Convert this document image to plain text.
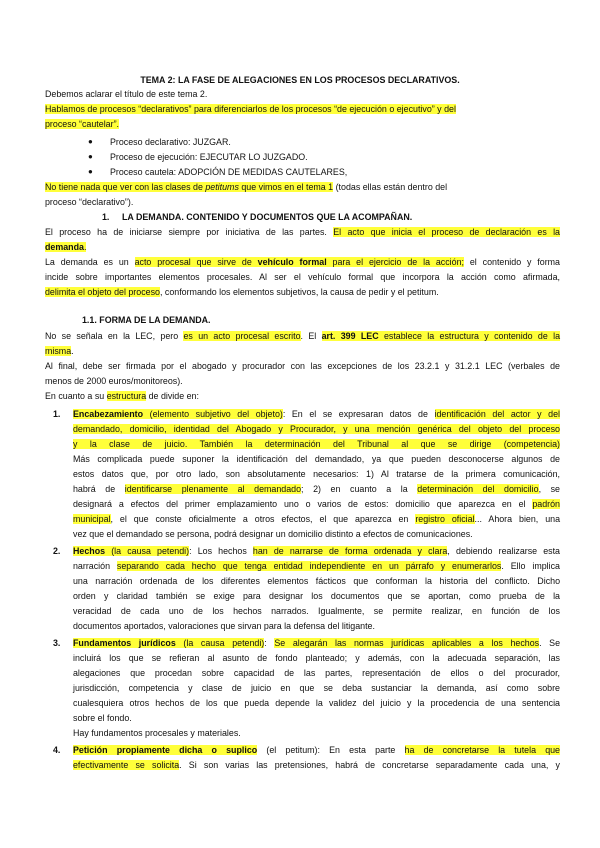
TEMA 2: LA FASE DE ALEGACIONES EN LOS PROCESOS DECLARATIVOS.
Debemos aclarar el título de este tema 2.
Hablamos de procesos “declarativos” para diferenciarlos de los procesos “de ejecución o ejecutivo” y del
proceso “cautelar”.
● Proceso declarativo: JUZGAR.
● Proceso de ejecución: EJECUTAR LO JUZGADO.
● Proceso cautela: ADOPCIÓN DE MEDIDAS CAUTELARES,
No tiene nada que ver con las clases de petitums que vimos en el tema 1 (todas ellas están dentro del
proceso “declarativo”).
1. LA DEMANDA. CONTENIDO Y DOCUMENTOS QUE LA ACOMPAÑAN.
El proceso ha de iniciarse siempre por iniciativa de las partes. El acto que inicia el proceso de declaración es la
demanda.
La demanda es un acto procesal que sirve de vehículo formal para el ejercicio de la acción; el contenido y forma
incide sobre importantes elementos procesales. Al ser el vehículo formal que incorpora la acción como afirmada,
delimita el objeto del proceso, conformando los elementos subjetivos, la causa de pedir y el petitum.
1.1. FORMA DE LA DEMANDA.
No se señala en la LEC, pero es un acto procesal escrito. El art. 399 LEC establece la estructura y contenido de la
misma.
Al final, debe ser firmada por el abogado y procurador con las excepciones de los 23.2.1 y 31.2.1 LEC (verbales de
menos de 2000 euros/monitoreos).
En cuanto a su estructura de divide en:
1. Encabezamiento (elemento subjetivo del objeto): En el se expresaran datos de identificación del actor y del
demandado, domicilio, identidad del Abogado y Procurador, y una mención genérica del objeto del proceso
y la clase de juicio. También la determinación del Tribunal al que se dirige (competencia)
Más complicada puede suponer la identificación del demandado, ya que pueden desconocerse algunos de
estos datos que, por otro lado, son absolutamente necesarios: 1) Al tratarse de la primera comunicación,
habrá de identificarse plenamente al demandado; 2) en cuanto a la determinación del domicilio, se
designará a efectos del primer emplazamiento uno o varios de estos: domicilio que aparezca en el padrón
municipal, el que conste oficialmente a otros efectos, el que aparezca en registro oficial... Ahora bien, una
vez que el demandado se persona, podrá designar un domicilio distinto a efectos de comunicaciones.
2. Hechos (la causa petendi): Los hechos han de narrarse de forma ordenada y clara, debiendo realizarse esta
narración separando cada hecho que tenga entidad independiente en un párrafo y enumerarlos. Ello implica
una narración ordenada de los diferentes elementos fácticos que conforman la historia del conflicto. Dicho
orden y claridad también se exige para designar los documentos que se aportan, como prueba de la
veracidad de cada uno de los hechos narrados. Igualmente, se permite realizar, en función de los
documentos aportados, valoraciones que sirvan para la defensa del litigante.
3. Fundamentos jurídicos (la causa petendi): Se alegarán las normas jurídicas aplicables a los hechos. Se
incluirá los que se refieran al asunto de fondo planteado; y además, con la adecuada separación, las
alegaciones que procedan sobre capacidad de las partes, representación de ellos o del procurador,
jurisdicción, competencia y clase de juicio en que se deba sustanciar la demanda, así como sobre
cualesquiera otros hechos de los que pueda depende la validez del juicio y la procedencia de una sentencia
sobre el fondo.
Hay fundamentos procesales y materiales.
4. Petición propiamente dicha o suplico (el petitum): En esta parte ha de concretarse la tutela que
efectivamente se solicita. Si son varias las pretensiones, habrá de concretarse separadamente cada una, y
